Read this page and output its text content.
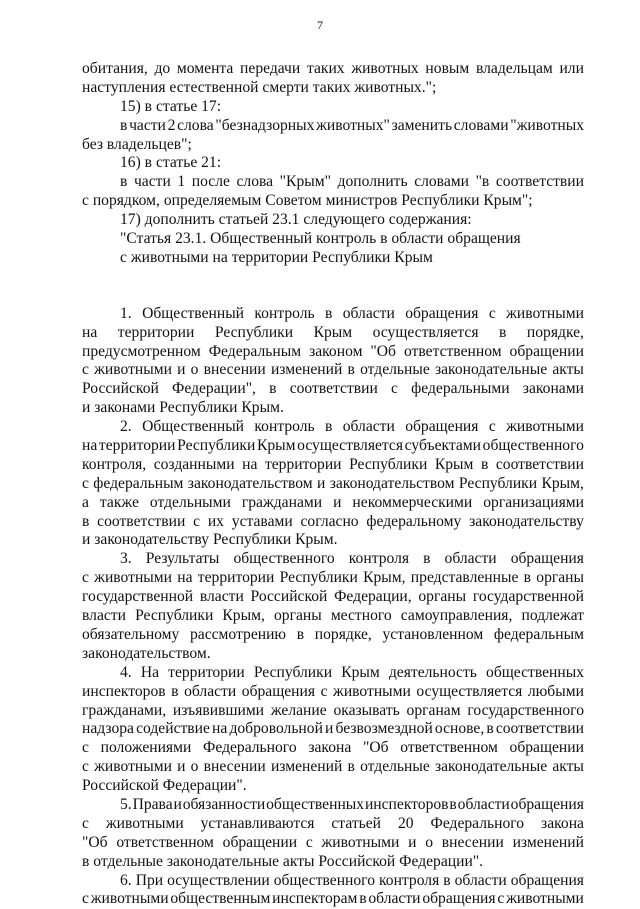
7
обитания, до момента передачи таких животных новым владельцам или
наступления естественной смерти таких животных.";
15) в статье 17:
в части 2 слова "безнадзорных животных" заменить словами "животных
без владельцев";
16) в статье 21:
в части 1 после слова "Крым" дополнить словами "в соответствии
с порядком, определяемым Советом министров Республики Крым";
17) дополнить статьей 23.1 следующего содержания:
"Статья 23.1. Общественный контроль в области обращения
с животными на территории Республики Крым
1. Общественный контроль в области обращения с животными
на территории Республики Крым осуществляется в порядке,
предусмотренном Федеральным законом "Об ответственном обращении
с животными и о внесении изменений в отдельные законодательные акты
Российской Федерации", в соответствии с федеральными законами
и законами Республики Крым.
2. Общественный контроль в области обращения с животными
на территории Республики Крым осуществляется субъектами общественного
контроля, созданными на территории Республики Крым в соответствии
с федеральным законодательством и законодательством Республики Крым,
а также отдельными гражданами и некоммерческими организациями
в соответствии с их уставами согласно федеральному законодательству
и законодательству Республики Крым.
3. Результаты общественного контроля в области обращения
с животными на территории Республики Крым, представленные в органы
государственной власти Российской Федерации, органы государственной
власти Республики Крым, органы местного самоуправления, подлежат
обязательному рассмотрению в порядке, установленном федеральным
законодательством.
4. На территории Республики Крым деятельность общественных
инспекторов в области обращения с животными осуществляется любыми
гражданами, изъявившими желание оказывать органам государственного
надзора содействие на добровольной и безвозмездной основе, в соответствии
с положениями Федерального закона "Об ответственном обращении
с животными и о внесении изменений в отдельные законодательные акты
Российской Федерации".
5. Права и обязанности общественных инспекторов в области обращения
с животными устанавливаются статьей 20 Федерального закона
"Об ответственном обращении с животными и о внесении изменений
в отдельные законодательные акты Российской Федерации".
6. При осуществлении общественного контроля в области обращения
с животными общественным инспекторам в области обращения с животными
